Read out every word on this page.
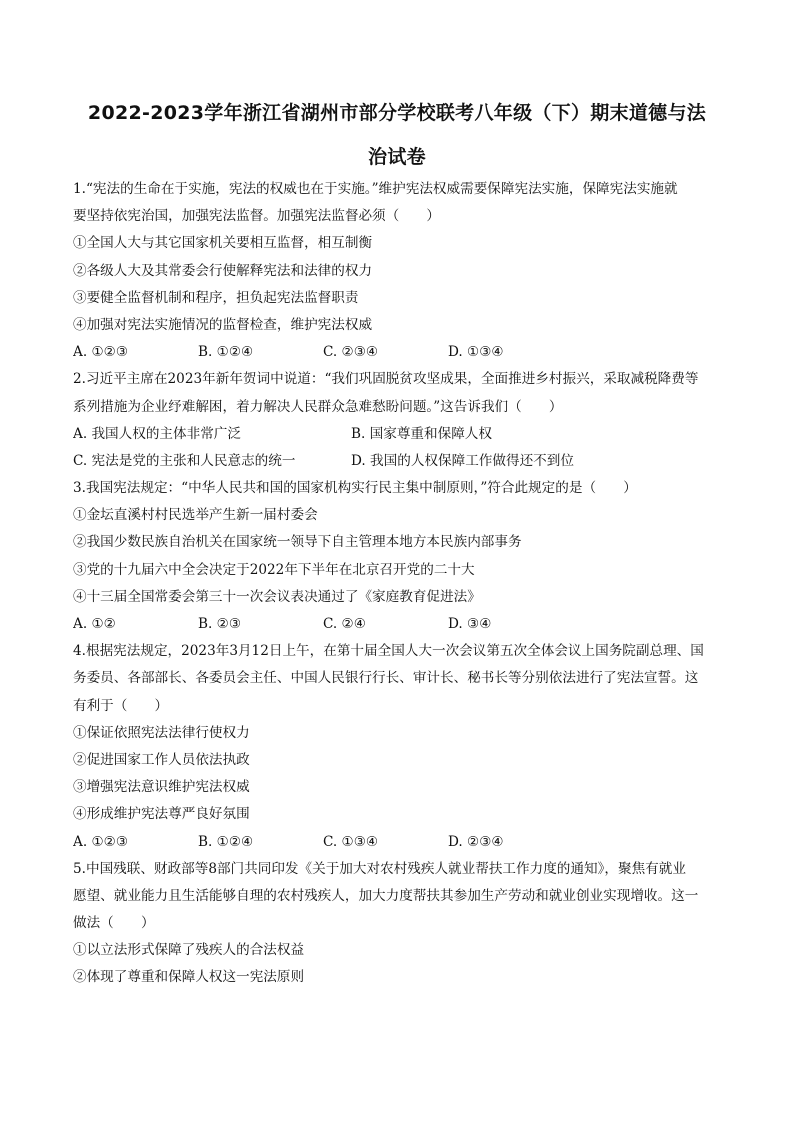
2022-2023学年浙江省湖州市部分学校联考八年级（下）期末道德与法
治试卷
1.“宪法的生命在于实施，宪法的权威也在于实施。”维护宪法权威需要保障宪法实施，保障宪法实施就
要坚持依宪治国，加强宪法监督。加强宪法监督必须（　　）
①全国人大与其它国家机关要相互监督，相互制衡
②各级人大及其常委会行使解释宪法和法律的权力
③要健全监督机制和程序，担负起宪法监督职责
④加强对宪法实施情况的监督检查，维护宪法权威
A. ①②③	B. ①②④	C. ②③④	D. ①③④
2.习近平主席在2023年新年贺词中说道：“我们巩固脱贫攻坚成果，全面推进乡村振兴，采取减税降费等
系列措施为企业纾难解困，着力解决人民群众急难愁盼问题。”这告诉我们（　　）
A. 我国人权的主体非常广泛	B. 国家尊重和保障人权
C. 宪法是党的主张和人民意志的统一	D. 我国的人权保障工作做得还不到位
3.我国宪法规定：“中华人民共和国的国家机构实行民主集中制原则，”符合此规定的是（　　）
①金坛直溪村村民选举产生新一届村委会
②我国少数民族自治机关在国家统一领导下自主管理本地方本民族内部事务
③党的十九届六中全会决定于2022年下半年在北京召开党的二十大
④十三届全国常委会第三十一次会议表决通过了《家庭教育促进法》
A. ①②	B. ②③	C. ②④	D. ③④
4.根据宪法规定，2023年3月12日上午，在第十届全国人大一次会议第五次全体会议上国务院副总理、国
务委员、各部部长、各委员会主任、中国人民银行行长、审计长、秘书长等分别依法进行了宪法宣誓。这
有利于（　　）
①保证依照宪法法律行使权力
②促进国家工作人员依法执政
③增强宪法意识维护宪法权威
④形成维护宪法尊严良好氛围
A. ①②③	B. ①②④	C. ①③④	D. ②③④
5.中国残联、财政部等8部门共同印发《关于加大对农村残疾人就业帮扶工作力度的通知》，聚焦有就业
愿望、就业能力且生活能够自理的农村残疾人，加大力度帮扶其参加生产劳动和就业创业实现增收。这一
做法（　　）
①以立法形式保障了残疾人的合法权益
②体现了尊重和保障人权这一宪法原则
